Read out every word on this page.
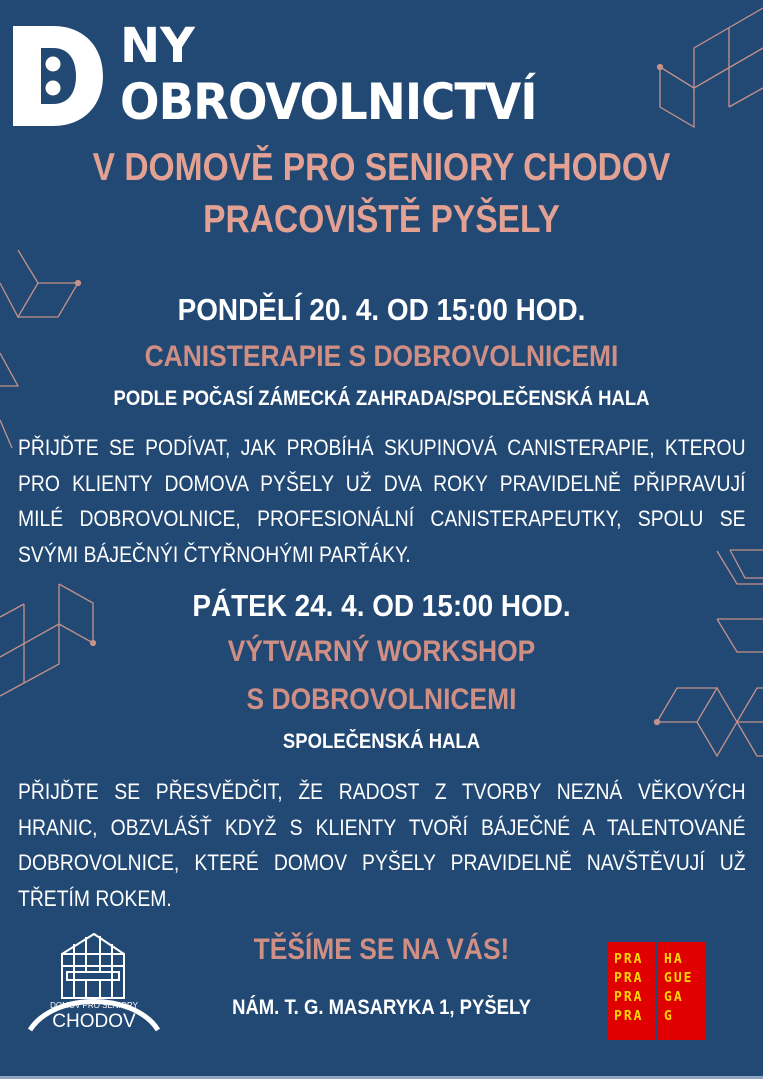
NY
OBROVOLNICTVÍ
V DOMOVĚ PRO SENIORY CHODOV
PRACOVIŠTĚ PYŠELY
PONDĚLÍ 20. 4. OD 15:00 HOD.
CANISTERAPIE S DOBROVOLNICEMI
PODLE POČASÍ ZÁMECKÁ ZAHRADA/SPOLEČENSKÁ HALA
PŘIJĎTE SE PODÍVAT, JAK PROBÍHÁ SKUPINOVÁ CANISTERAPIE, KTEROU
PRO KLIENTY DOMOVA PYŠELY UŽ DVA ROKY PRAVIDELNĚ PŘIPRAVUJÍ
MILÉ DOBROVOLNICE, PROFESIONÁLNÍ CANISTERAPEUTKY, SPOLU SE
SVÝMI BÁJEČNÝI ČTYŘNOHÝMI PARŤÁKY.
PÁTEK 24. 4. OD 15:00 HOD.
VÝTVARNÝ WORKSHOP
S DOBROVOLNICEMI
SPOLEČENSKÁ HALA
PŘIJĎTE SE PŘESVĚDČIT, ŽE RADOST Z TVORBY NEZNÁ VĚKOVÝCH
HRANIC, OBZVLÁŠŤ KDYŽ S KLIENTY TVOŘÍ BÁJEČNÉ A TALENTOVANÉ
DOBROVOLNICE, KTERÉ DOMOV PYŠELY PRAVIDELNĚ NAVŠTĚVUJÍ UŽ
TŘETÍM ROKEM.
TĚŠÍME SE NA VÁS!
NÁM. T. G. MASARYKA 1, PYŠELY
DOMOV PRO SENIORY
CHODOV
PRA
PRA
PRA
PRA
HA
GUE
GA
G
